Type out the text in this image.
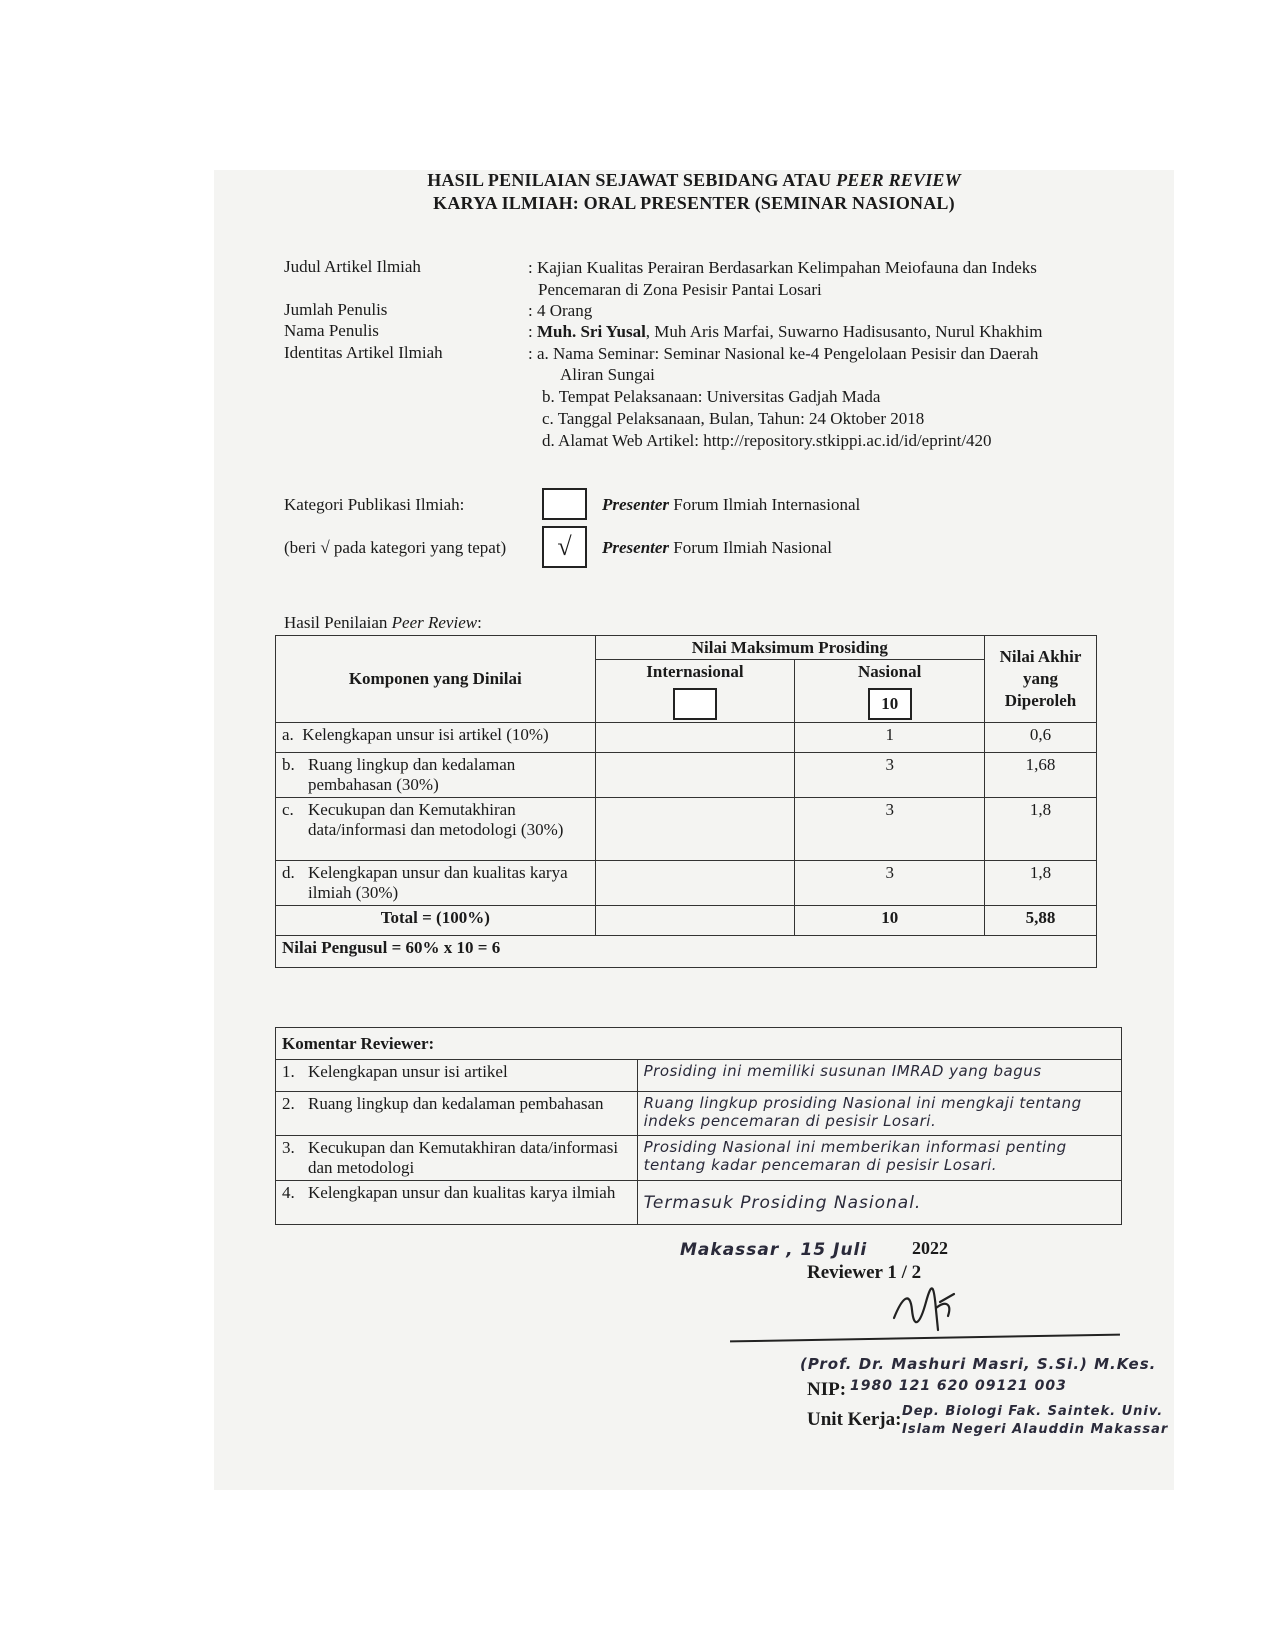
HASIL PENILAIAN SEJAWAT SEBIDANG ATAU PEER REVIEW
KARYA ILMIAH: ORAL PRESENTER (SEMINAR NASIONAL)
Judul Artikel Ilmiah	: Kajian Kualitas Perairan Berdasarkan Kelimpahan Meiofauna dan Indeks
Pencemaran di Zona Pesisir Pantai Losari
Jumlah Penulis	: 4 Orang
Nama Penulis	: Muh. Sri Yusal, Muh Aris Marfai, Suwarno Hadisusanto, Nurul Khakhim
Identitas Artikel Ilmiah	: a. Nama Seminar: Seminar Nasional ke-4 Pengelolaan Pesisir dan Daerah
Aliran Sungai
b. Tempat Pelaksanaan: Universitas Gadjah Mada
c. Tanggal Pelaksanaan, Bulan, Tahun: 24 Oktober 2018
d. Alamat Web Artikel: http://repository.stkippi.ac.id/id/eprint/420
Kategori Publikasi Ilmiah:
(beri √ pada kategori yang tepat)	√
Presenter Forum Ilmiah Internasional
Presenter Forum Ilmiah Nasional
Hasil Penilaian Peer Review:
Komponen yang Dinilai	Nilai Maksimum Prosiding		Nilai Akhir
yang
Diperoleh

	Internasional	Nasional
10	

a. Kelengkapan unsur isi artikel (10%)		1	0,6

b. Ruang lingkup dan kedalaman pembahasan (30%)		3	1,68

c. Kecukupan dan Kemutakhiran data/informasi dan metodologi (30%)		3	1,8

d. Kelengkapan unsur dan kualitas karya ilmiah (30%)		3	1,8
Total = (100%)		10	5,88
Nilai Pengusul = 60% x 10 = 6			
Komentar Reviewer:	

1. Kelengkapan unsur isi artikel	Prosiding ini memiliki susunan IMRAD yang bagus

2. Ruang lingkup dan kedalaman pembahasan	Ruang lingkup prosiding Nasional ini mengkaji tentang indeks pencemaran di pesisir Losari.

3. Kecukupan dan Kemutakhiran data/informasi dan metodologi	Prosiding Nasional ini memberikan informasi penting tentang kadar pencemaran di pesisir Losari.

4. Kelengkapan unsur dan kualitas karya ilmiah	Termasuk Prosiding Nasional.
Makassar , 15 Juli 2022
Reviewer 1 / 2
(Prof. Dr. Mashuri Masri, S.Si.) M.Kes.
NIP: 1980 121 620 09121 003
Unit Kerja: Dep. Biologi Fak. Saintek. Univ.
Islam Negeri Alauddin Makassar
